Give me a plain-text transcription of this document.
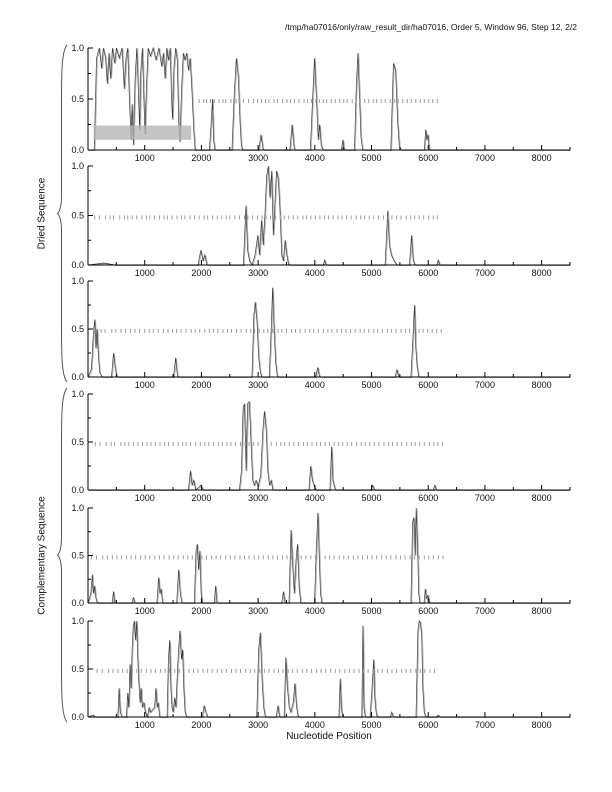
/tmp/ha07016/only/raw_result_dir/ha07016, Order 5, Window 96, Step 12, 2/2
Dried Sequence
Complementary Sequence
Nucleotide Position
0.0
0.5
1.0
1000	2000	3000	4000	5000	6000	7000	8000
0.0
0.5
1.0
1000	2000	3000	4000	5000	6000	7000	8000
0.0
0.5
1.0
1000	2000	3000	4000	5000	6000	7000	8000
0.0
0.5
1.0
1000	2000	3000	4000	5000	6000	7000	8000
0.0
0.5
1.0
1000	2000	3000	4000	5000	6000	7000	8000
0.0
0.5
1.0
1000	2000	3000	4000	5000	6000	7000	8000
